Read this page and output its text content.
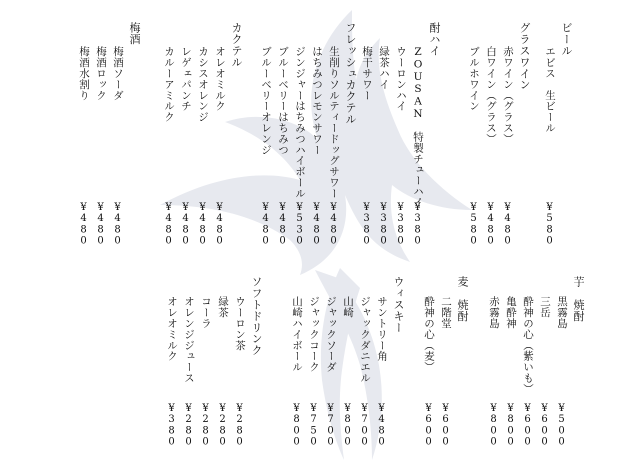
ビール
エビス　生ビール
¥580
グラスワイン
赤ワイン（グラス）
¥480
白ワイン（グラス）
¥480
ブルホワイン
¥580
酎ハイ
ZOUSAN　特製チューハイ
¥380
ウーロンハイ
¥380
緑茶ハイ
¥380
梅干サワー
¥380
フレッシュカクテル
生削りソルティードッグサワー
¥480
はちみつレモンサワー
¥480
ジンジャーはちみつハイボール
¥530
ブルーベリーはちみつ
¥480
ブルーベリーオレンジ
¥480
カクテル
オレオミルク
¥480
カシスオレンジ
¥480
レゲェパンチ
¥480
カルーアミルク
¥480
梅酒
梅酒ソーダ
¥480
梅酒ロック
¥480
梅酒水割り
¥480
芋　焼酎
黒霧島
¥500
三岳
¥600
酔神の心（紫いも）
¥600
亀酔神
¥800
赤霧島
¥800
麦　焼酎
二階堂
¥600
酔神の心（麦）
¥600
ウィスキー
サントリー角
¥480
ジャックダニエル
¥700
山崎
¥800
ジャックソーダ
¥700
ジャックコーク
¥750
山崎ハイボール
¥800
ソフトドリンク
ウーロン茶
¥280
緑茶
¥280
コーラ
¥280
オレンジジュース
¥280
オレオミルク
¥380
